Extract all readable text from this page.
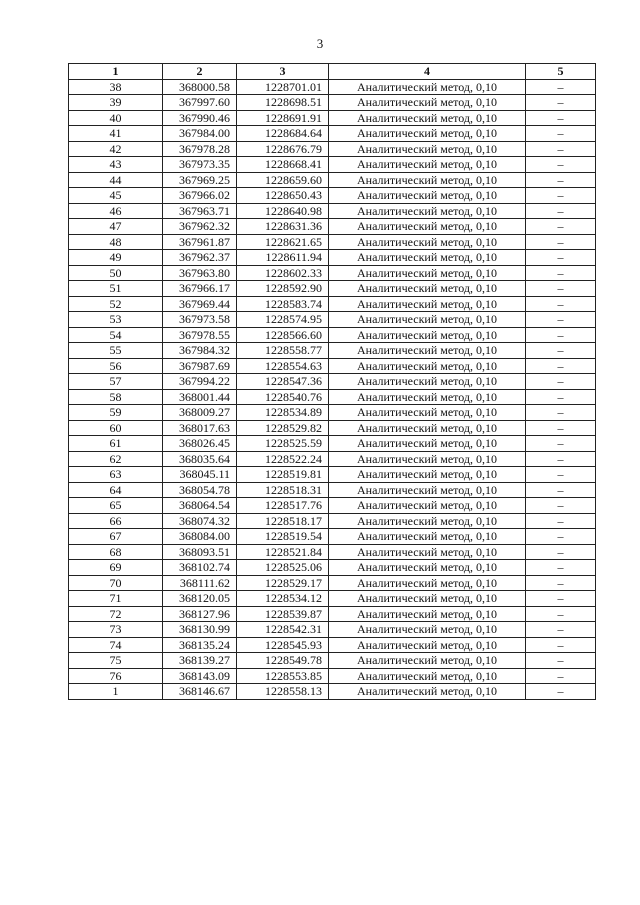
3
1	2	3	4	5
38	368000.58	1228701.01	Аналитический метод, 0,10	–
39	367997.60	1228698.51	Аналитический метод, 0,10	–
40	367990.46	1228691.91	Аналитический метод, 0,10	–
41	367984.00	1228684.64	Аналитический метод, 0,10	–
42	367978.28	1228676.79	Аналитический метод, 0,10	–
43	367973.35	1228668.41	Аналитический метод, 0,10	–
44	367969.25	1228659.60	Аналитический метод, 0,10	–
45	367966.02	1228650.43	Аналитический метод, 0,10	–
46	367963.71	1228640.98	Аналитический метод, 0,10	–
47	367962.32	1228631.36	Аналитический метод, 0,10	–
48	367961.87	1228621.65	Аналитический метод, 0,10	–
49	367962.37	1228611.94	Аналитический метод, 0,10	–
50	367963.80	1228602.33	Аналитический метод, 0,10	–
51	367966.17	1228592.90	Аналитический метод, 0,10	–
52	367969.44	1228583.74	Аналитический метод, 0,10	–
53	367973.58	1228574.95	Аналитический метод, 0,10	–
54	367978.55	1228566.60	Аналитический метод, 0,10	–
55	367984.32	1228558.77	Аналитический метод, 0,10	–
56	367987.69	1228554.63	Аналитический метод, 0,10	–
57	367994.22	1228547.36	Аналитический метод, 0,10	–
58	368001.44	1228540.76	Аналитический метод, 0,10	–
59	368009.27	1228534.89	Аналитический метод, 0,10	–
60	368017.63	1228529.82	Аналитический метод, 0,10	–
61	368026.45	1228525.59	Аналитический метод, 0,10	–
62	368035.64	1228522.24	Аналитический метод, 0,10	–
63	368045.11	1228519.81	Аналитический метод, 0,10	–
64	368054.78	1228518.31	Аналитический метод, 0,10	–
65	368064.54	1228517.76	Аналитический метод, 0,10	–
66	368074.32	1228518.17	Аналитический метод, 0,10	–
67	368084.00	1228519.54	Аналитический метод, 0,10	–
68	368093.51	1228521.84	Аналитический метод, 0,10	–
69	368102.74	1228525.06	Аналитический метод, 0,10	–
70	368111.62	1228529.17	Аналитический метод, 0,10	–
71	368120.05	1228534.12	Аналитический метод, 0,10	–
72	368127.96	1228539.87	Аналитический метод, 0,10	–
73	368130.99	1228542.31	Аналитический метод, 0,10	–
74	368135.24	1228545.93	Аналитический метод, 0,10	–
75	368139.27	1228549.78	Аналитический метод, 0,10	–
76	368143.09	1228553.85	Аналитический метод, 0,10	–
1	368146.67	1228558.13	Аналитический метод, 0,10	–
